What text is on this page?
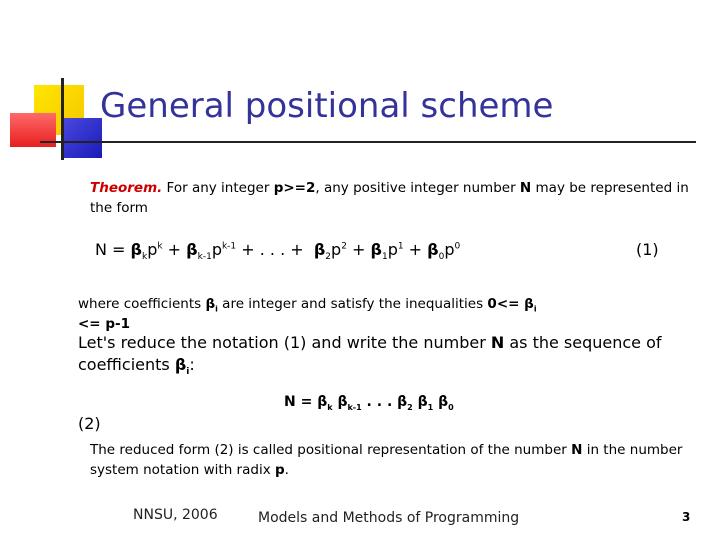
General positional scheme
Theorem. For any integer p>=2, any positive integer number N may be represented in the form
$N = \beta_kp^k + \beta_{k-1}p^{k-1}$ + . . . +  $\beta_2p^2 + \beta_1p^1 + \beta_0p^0$	(1)
where coefficients $\beta_i$ are integer and satisfy the inequalities $0<= \beta_i$
<= p-1
Let's reduce the notation (1) and write the number N as the sequence of coefficients $\beta_i$:
$N = \beta_k$ $\beta_{k-1}$ . . . $\beta_2$ $\beta_1$ $\beta_0$
(2)
The reduced form (2) is called positional representation of the number N in the number system notation with radix p.
NNSU, 2006	Models and Methods of Programming	3
